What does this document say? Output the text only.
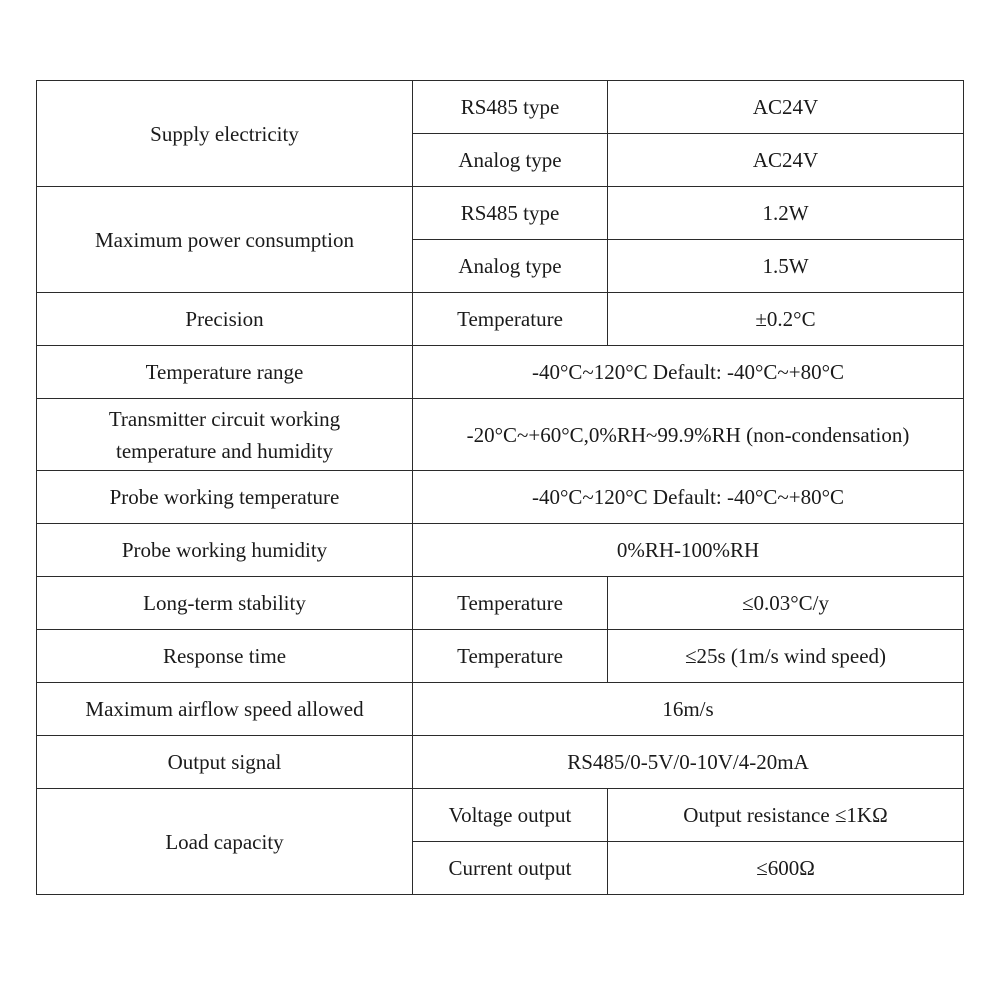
Supply electricity	RS485 type	AC24V
	Analog type	AC24V
Maximum power consumption	RS485 type	1.2W
	Analog type	1.5W
Precision	Temperature	±0.2°C
Temperature range	-40°C~120°C Default: -40°C~+80°C	
Transmitter circuit working
temperature and humidity	-20°C~+60°C,0%RH~99.9%RH (non-condensation)	
Probe working temperature	-40°C~120°C Default: -40°C~+80°C	
Probe working humidity	0%RH-100%RH	
Long-term stability	Temperature	≤0.03°C/y
Response time	Temperature	≤25s (1m/s wind speed)
Maximum airflow speed allowed	16m/s	
Output signal	RS485/0-5V/0-10V/4-20mA	
Load capacity	Voltage output	Output resistance ≤1KΩ
	Current output	≤600Ω
